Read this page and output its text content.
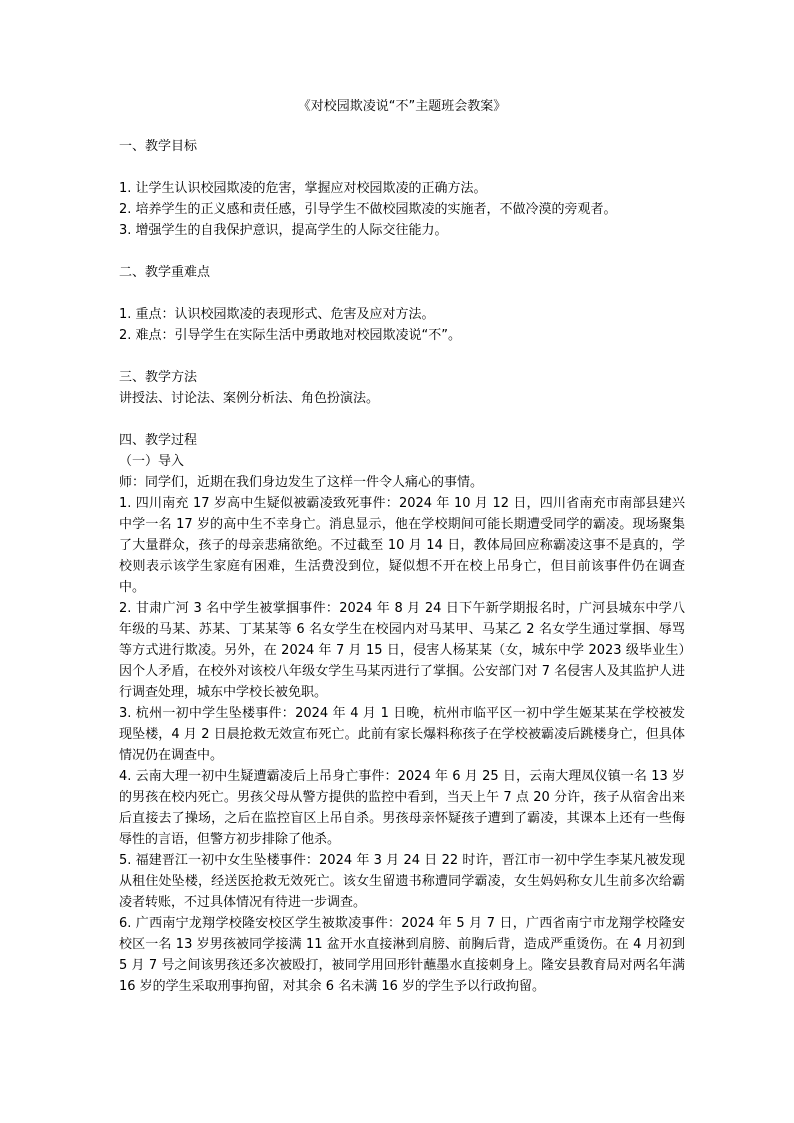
《对校园欺凌说“不”主题班会教案》

一、教学目标

1. 让学生认识校园欺凌的危害，掌握应对校园欺凌的正确方法。

2. 培养学生的正义感和责任感，引导学生不做校园欺凌的实施者，不做冷漠的旁观者。

3. 增强学生的自我保护意识，提高学生的人际交往能力。

二、教学重难点

1. 重点：认识校园欺凌的表现形式、危害及应对方法。

2. 难点：引导学生在实际生活中勇敢地对校园欺凌说“不”。

三、教学方法

讲授法、讨论法、案例分析法、角色扮演法。

四、教学过程

（一）导入

师：同学们，近期在我们身边发生了这样一件令人痛心的事情。

1. 四川南充 17 岁高中生疑似被霸凌致死事件：2024 年 10 月 12 日，四川省南充市南部县建兴中学一名 17 岁的高中生不幸身亡。消息显示，他在学校期间可能长期遭受同学的霸凌。现场聚集了大量群众，孩子的母亲悲痛欲绝。不过截至 10 月 14 日，教体局回应称霸凌这事不是真的，学校则表示该学生家庭有困难，生活费没到位，疑似想不开在校上吊身亡，但目前该事件仍在调查中。

2. 甘肃广河 3 名中学生被掌掴事件：2024 年 8 月 24 日下午新学期报名时，广河县城东中学八年级的马某、苏某、丁某某等 6 名女学生在校园内对马某甲、马某乙 2 名女学生通过掌掴、辱骂等方式进行欺凌。另外，在 2024 年 7 月 15 日，侵害人杨某某（女，城东中学 2023 级毕业生）因个人矛盾，在校外对该校八年级女学生马某丙进行了掌掴。公安部门对 7 名侵害人及其监护人进行调查处理，城东中学校长被免职。

3. 杭州一初中学生坠楼事件：2024 年 4 月 1 日晚，杭州市临平区一初中学生姬某某在学校被发现坠楼，4 月 2 日晨抢救无效宣布死亡。此前有家长爆料称孩子在学校被霸凌后跳楼身亡，但具体情况仍在调查中。

4. 云南大理一初中生疑遭霸凌后上吊身亡事件：2024 年 6 月 25 日，云南大理凤仪镇一名 13 岁的男孩在校内死亡。男孩父母从警方提供的监控中看到，当天上午 7 点 20 分许，孩子从宿舍出来后直接去了操场，之后在监控盲区上吊自杀。男孩母亲怀疑孩子遭到了霸凌，其课本上还有一些侮辱性的言语，但警方初步排除了他杀。

5. 福建晋江一初中女生坠楼事件：2024 年 3 月 24 日 22 时许，晋江市一初中学生李某凡被发现从租住处坠楼，经送医抢救无效死亡。该女生留遗书称遭同学霸凌，女生妈妈称女儿生前多次给霸凌者转账，不过具体情况有待进一步调查。

6. 广西南宁龙翔学校隆安校区学生被欺凌事件：2024 年 5 月 7 日，广西省南宁市龙翔学校隆安校区一名 13 岁男孩被同学接满 11 盆开水直接淋到肩膀、前胸后背，造成严重烫伤。在 4 月初到 5 月 7 号之间该男孩还多次被殴打，被同学用回形针蘸墨水直接刺身上。隆安县教育局对两名年满 16 岁的学生采取刑事拘留，对其余 6 名未满 16 岁的学生予以行政拘留。
